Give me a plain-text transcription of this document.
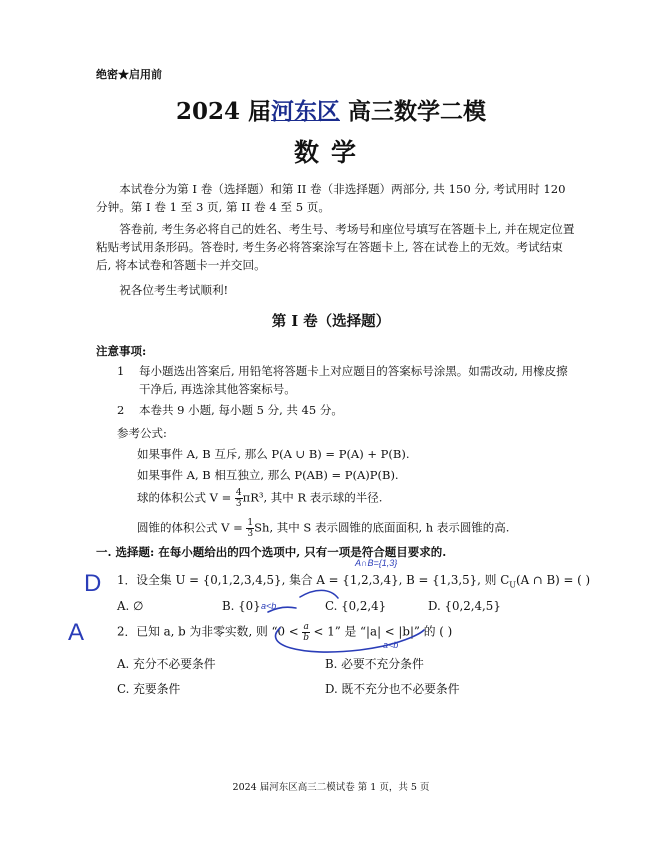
绝密★启用前
2024 届河东区 高三数学二模
数学
本试卷分为第 I 卷（选择题）和第 II 卷（非选择题）两部分, 共 150 分, 考试用时 120 分钟。第 I 卷 1 至 3 页, 第 II 卷 4 至 5 页。
答卷前, 考生务必将自己的姓名、考生号、考场号和座位号填写在答题卡上, 并在规定位置粘贴考试用条形码。答卷时, 考生务必将答案涂写在答题卡上, 答在试卷上的无效。考试结束后, 将本试卷和答题卡一并交回。
祝各位考生考试顺利!
第 I 卷（选择题）
注意事项:
1 每小题选出答案后, 用铅笔将答题卡上对应题目的答案标号涂黑。如需改动, 用橡皮擦干净后, 再选涂其他答案标号。
2 本卷共 9 小题, 每小题 5 分, 共 45 分。
参考公式:
如果事件 A, B 互斥, 那么 P(A ∪ B) = P(A) + P(B).
如果事件 A, B 相互独立, 那么 P(AB) = P(A)P(B).
球的体积公式 $V = \frac{4}{3} \pi R^3$, 其中 R 表示球的半径.
圆锥的体积公式 $V = \frac{1}{3} Sh$, 其中 S 表示圆锥的底面面积, h 表示圆锥的高.
一. 选择题: 在每小题给出的四个选项中, 只有一项是符合题目要求的.
1．设全集 U = {0,1,2,3,4,5}, 集合 A = {1,2,3,4}, B = {1,3,5}, 则 $C_U(A$ ∩ B) = ( )
A. ∅	B. {0}	C. {0,2,4}	D. {0,2,4,5}
2．已知 a, b 为非零实数, 则 “$0 < \frac{a}{b} < 1$” 是 “|a| < |b|” 的 ( )
A. 充分不必要条件	B. 必要不充分条件
C. 充要条件	D. 既不充分也不必要条件
D
A
A∩B={1,3}
a<b
a<b
2024 届河东区高三二模试卷 第 1 页，共 5 页
